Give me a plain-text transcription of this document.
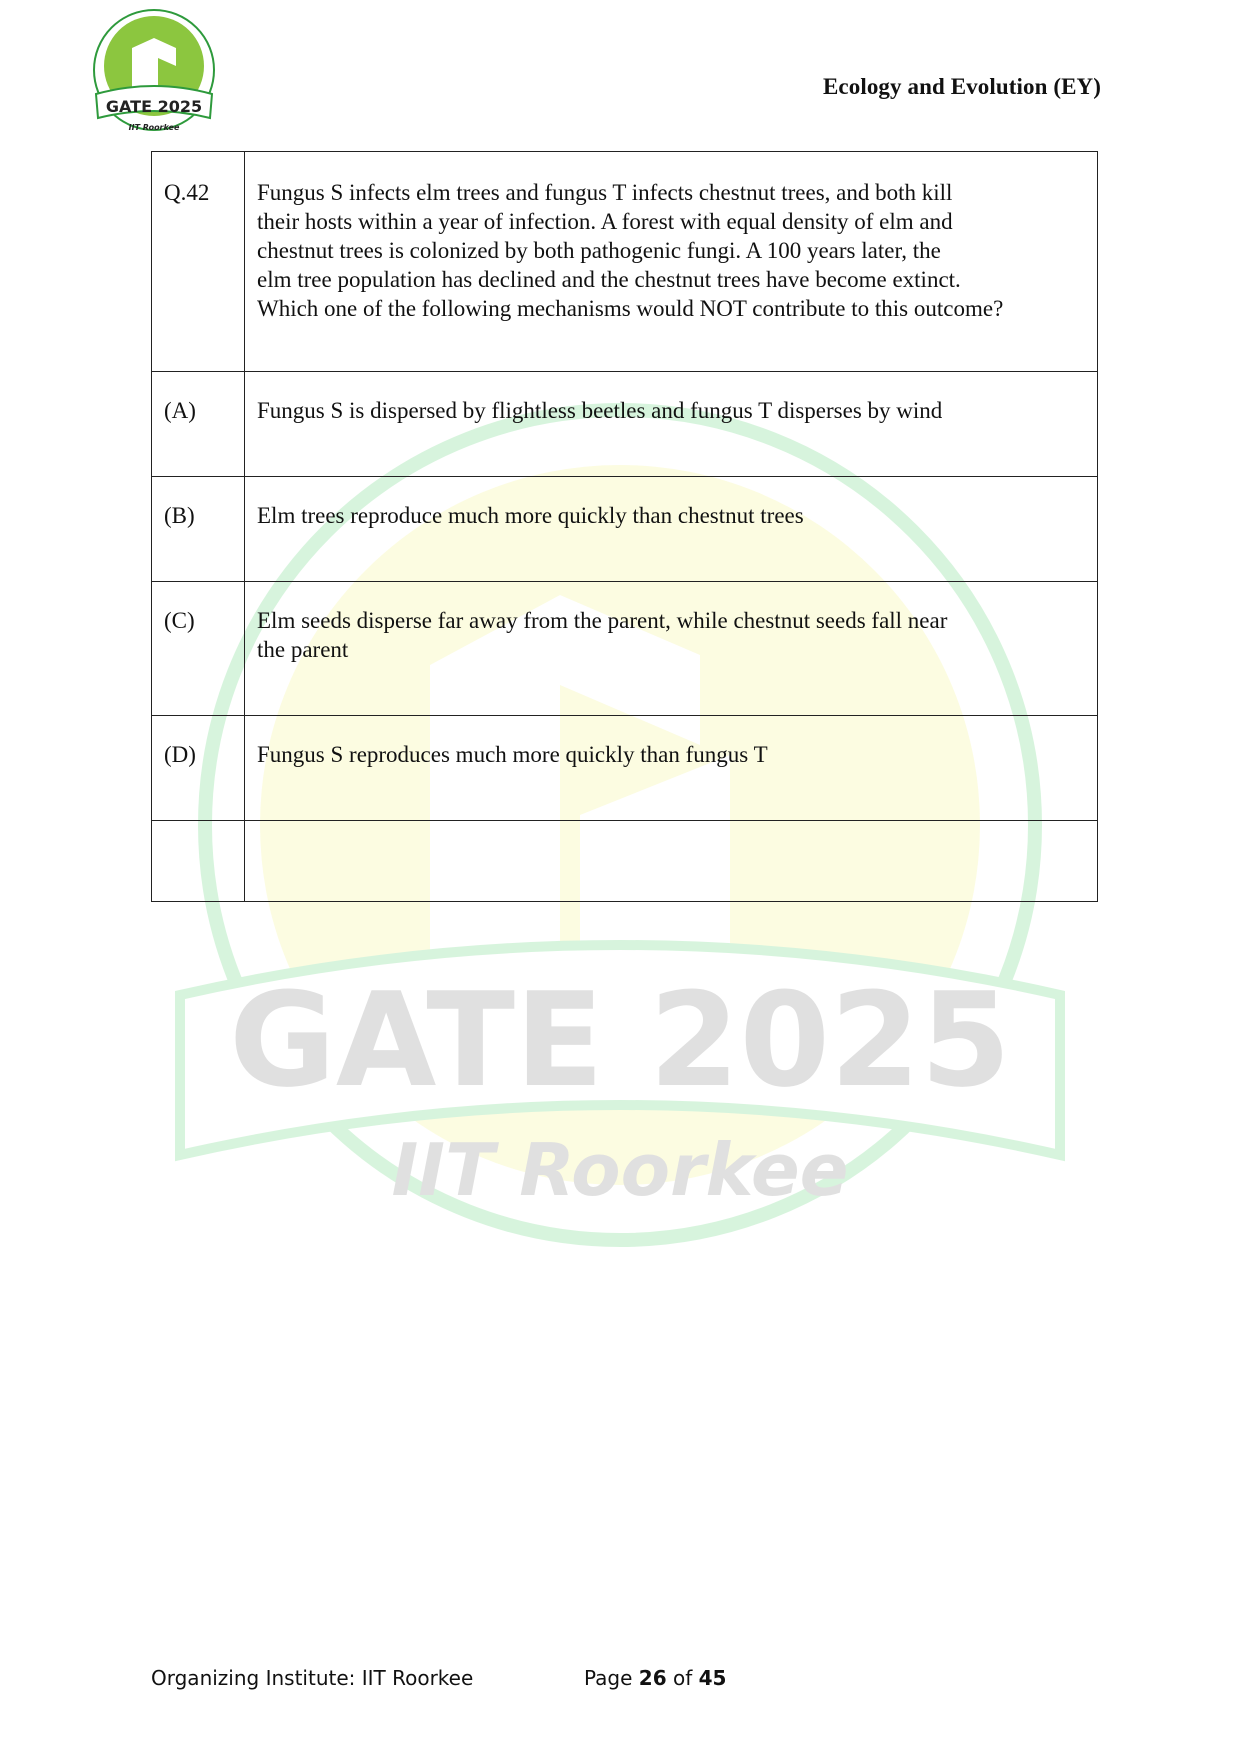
GATE 2025
IIT Roorkee
GATE 2025
IIT Roorkee
Ecology and Evolution (EY)
Q.42	Fungus S infects elm trees and fungus T infects chestnut trees, and both kill
their hosts within a year of infection. A forest with equal density of elm and
chestnut trees is colonized by both pathogenic fungi. A 100 years later, the
elm tree population has declined and the chestnut trees have become extinct.
Which one of the following mechanisms would NOT contribute to this outcome?

(A)	Fungus S is dispersed by flightless beetles and fungus T disperses by wind
(B)	Elm trees reproduce much more quickly than chestnut trees
(C)	Elm seeds disperse far away from the parent, while chestnut seeds fall near
the parent

(D)	Fungus S reproduces much more quickly than fungus T

Organizing Institute: IIT Roorkee	Page 26 of 45
